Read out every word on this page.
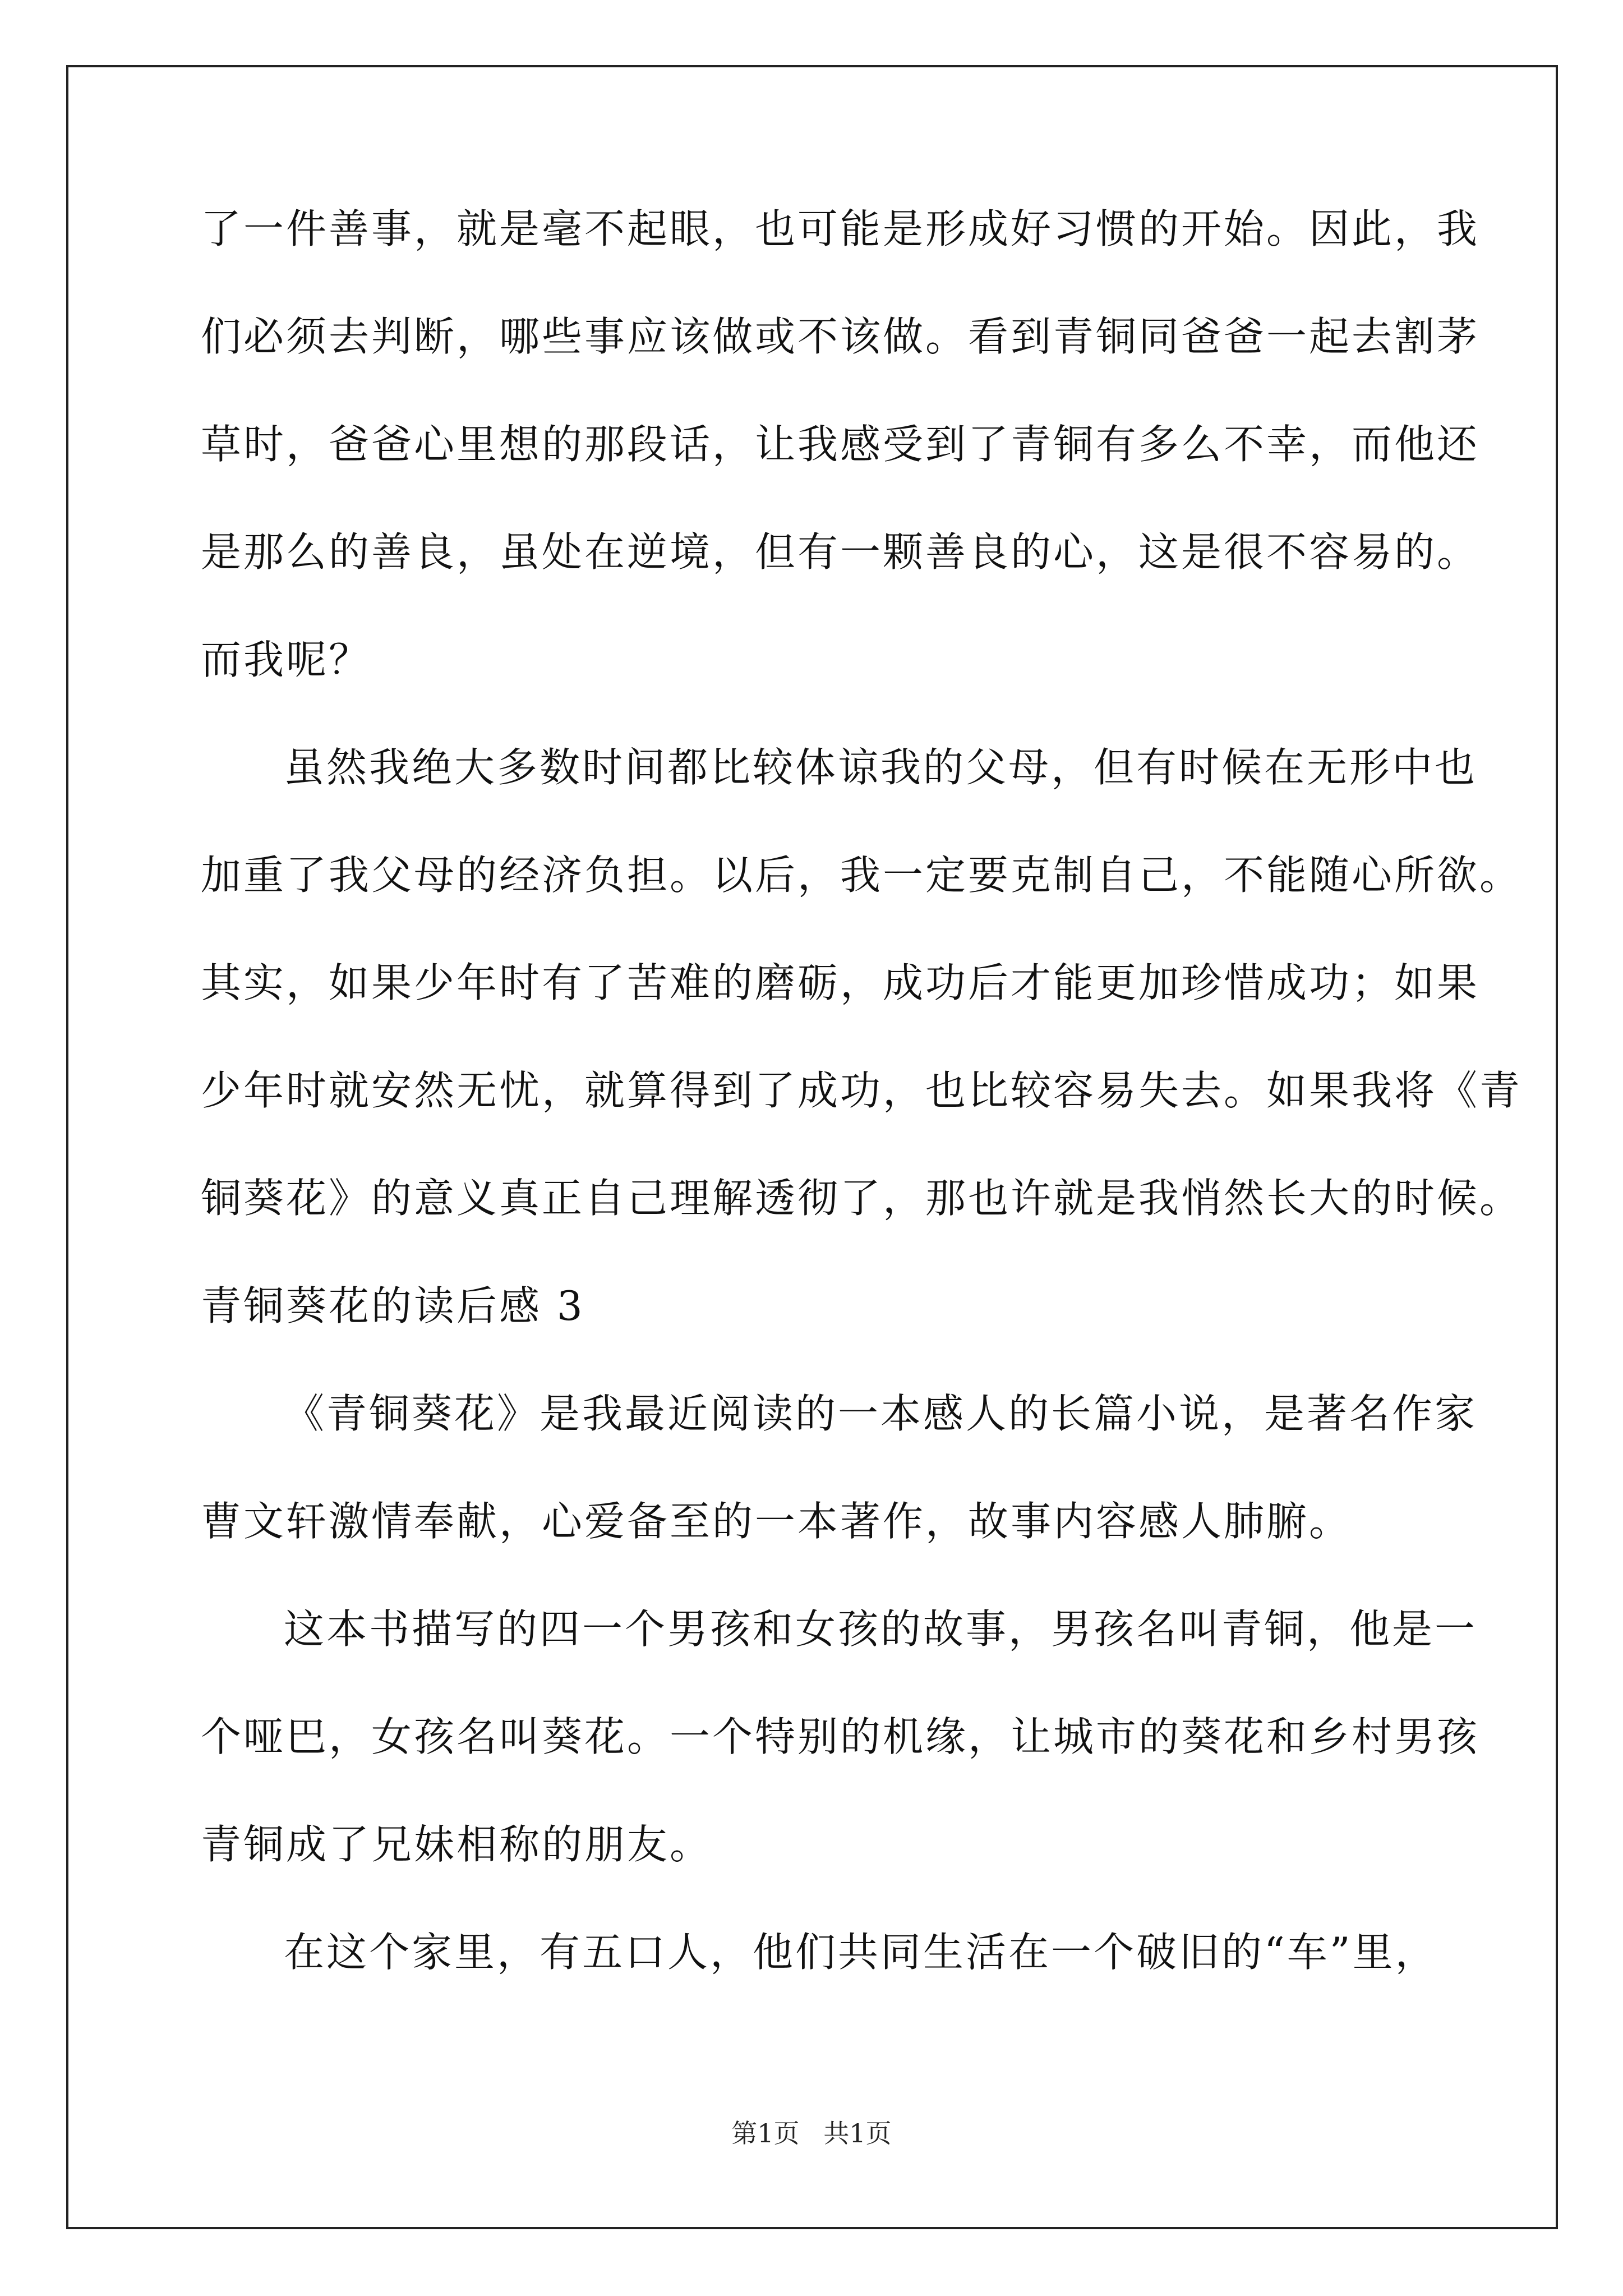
了一件善事，就是毫不起眼，也可能是形成好习惯的开始。因此，我

们必须去判断，哪些事应该做或不该做。看到青铜同爸爸一起去割茅

草时，爸爸心里想的那段话，让我感受到了青铜有多么不幸，而他还

是那么的善良，虽处在逆境，但有一颗善良的心，这是很不容易的。

而我呢？

虽然我绝大多数时间都比较体谅我的父母，但有时候在无形中也

加重了我父母的经济负担。以后，我一定要克制自己，不能随心所欲。

其实，如果少年时有了苦难的磨砺，成功后才能更加珍惜成功；如果

少年时就安然无忧，就算得到了成功，也比较容易失去。如果我将《青

铜葵花》的意义真正自己理解透彻了，那也许就是我悄然长大的时候。

青铜葵花的读后感 3

《青铜葵花》是我最近阅读的一本感人的长篇小说，是著名作家

曹文轩激情奉献，心爱备至的一本著作，故事内容感人肺腑。

这本书描写的四一个男孩和女孩的故事，男孩名叫青铜，他是一

个哑巴，女孩名叫葵花。一个特别的机缘，让城市的葵花和乡村男孩

青铜成了兄妹相称的朋友。

在这个家里，有五口人，他们共同生活在一个破旧的“车”里，

第1页 共1页
